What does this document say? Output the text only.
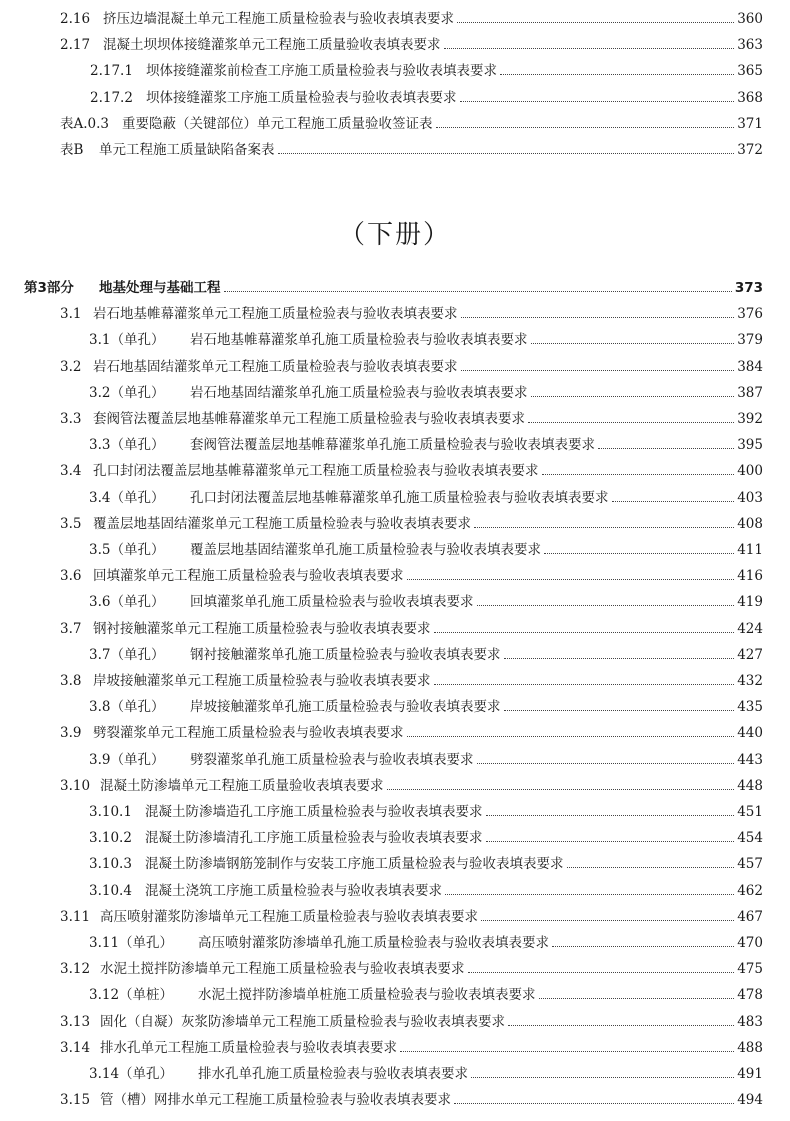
2.16 挤压边墙混凝土单元工程施工质量检验表与验收表填表要求	360
2.17 混凝土坝坝体接缝灌浆单元工程施工质量验收表填表要求	363
2.17.1 坝体接缝灌浆前检查工序施工质量检验表与验收表填表要求	365
2.17.2 坝体接缝灌浆工序施工质量检验表与验收表填表要求	368
表A.0.3 重要隐蔽（关键部位）单元工程施工质量验收签证表	371
表B 单元工程施工质量缺陷备案表	372
（下册）
第3部分 地基处理与基础工程	373
3.1 岩石地基帷幕灌浆单元工程施工质量检验表与验收表填表要求	376
3.1（单孔） 岩石地基帷幕灌浆单孔施工质量检验表与验收表填表要求	379
3.2 岩石地基固结灌浆单元工程施工质量检验表与验收表填表要求	384
3.2（单孔） 岩石地基固结灌浆单孔施工质量检验表与验收表填表要求	387
3.3 套阀管法覆盖层地基帷幕灌浆单元工程施工质量检验表与验收表填表要求	392
3.3（单孔） 套阀管法覆盖层地基帷幕灌浆单孔施工质量检验表与验收表填表要求	395
3.4 孔口封闭法覆盖层地基帷幕灌浆单元工程施工质量检验表与验收表填表要求	400
3.4（单孔） 孔口封闭法覆盖层地基帷幕灌浆单孔施工质量检验表与验收表填表要求	403
3.5 覆盖层地基固结灌浆单元工程施工质量检验表与验收表填表要求	408
3.5（单孔） 覆盖层地基固结灌浆单孔施工质量检验表与验收表填表要求	411
3.6 回填灌浆单元工程施工质量检验表与验收表填表要求	416
3.6（单孔） 回填灌浆单孔施工质量检验表与验收表填表要求	419
3.7 钢衬接触灌浆单元工程施工质量检验表与验收表填表要求	424
3.7（单孔） 钢衬接触灌浆单孔施工质量检验表与验收表填表要求	427
3.8 岸坡接触灌浆单元工程施工质量检验表与验收表填表要求	432
3.8（单孔） 岸坡接触灌浆单孔施工质量检验表与验收表填表要求	435
3.9 劈裂灌浆单元工程施工质量检验表与验收表填表要求	440
3.9（单孔） 劈裂灌浆单孔施工质量检验表与验收表填表要求	443
3.10 混凝土防渗墙单元工程施工质量验收表填表要求	448
3.10.1 混凝土防渗墙造孔工序施工质量检验表与验收表填表要求	451
3.10.2 混凝土防渗墙清孔工序施工质量检验表与验收表填表要求	454
3.10.3 混凝土防渗墙钢筋笼制作与安装工序施工质量检验表与验收表填表要求	457
3.10.4 混凝土浇筑工序施工质量检验表与验收表填表要求	462
3.11 高压喷射灌浆防渗墙单元工程施工质量检验表与验收表填表要求	467
3.11（单孔） 高压喷射灌浆防渗墙单孔施工质量检验表与验收表填表要求	470
3.12 水泥土搅拌防渗墙单元工程施工质量检验表与验收表填表要求	475
3.12（单桩） 水泥土搅拌防渗墙单桩施工质量检验表与验收表填表要求	478
3.13 固化（自凝）灰浆防渗墙单元工程施工质量检验表与验收表填表要求	483
3.14 排水孔单元工程施工质量检验表与验收表填表要求	488
3.14（单孔） 排水孔单孔施工质量检验表与验收表填表要求	491
3.15 管（槽）网排水单元工程施工质量检验表与验收表填表要求	494
